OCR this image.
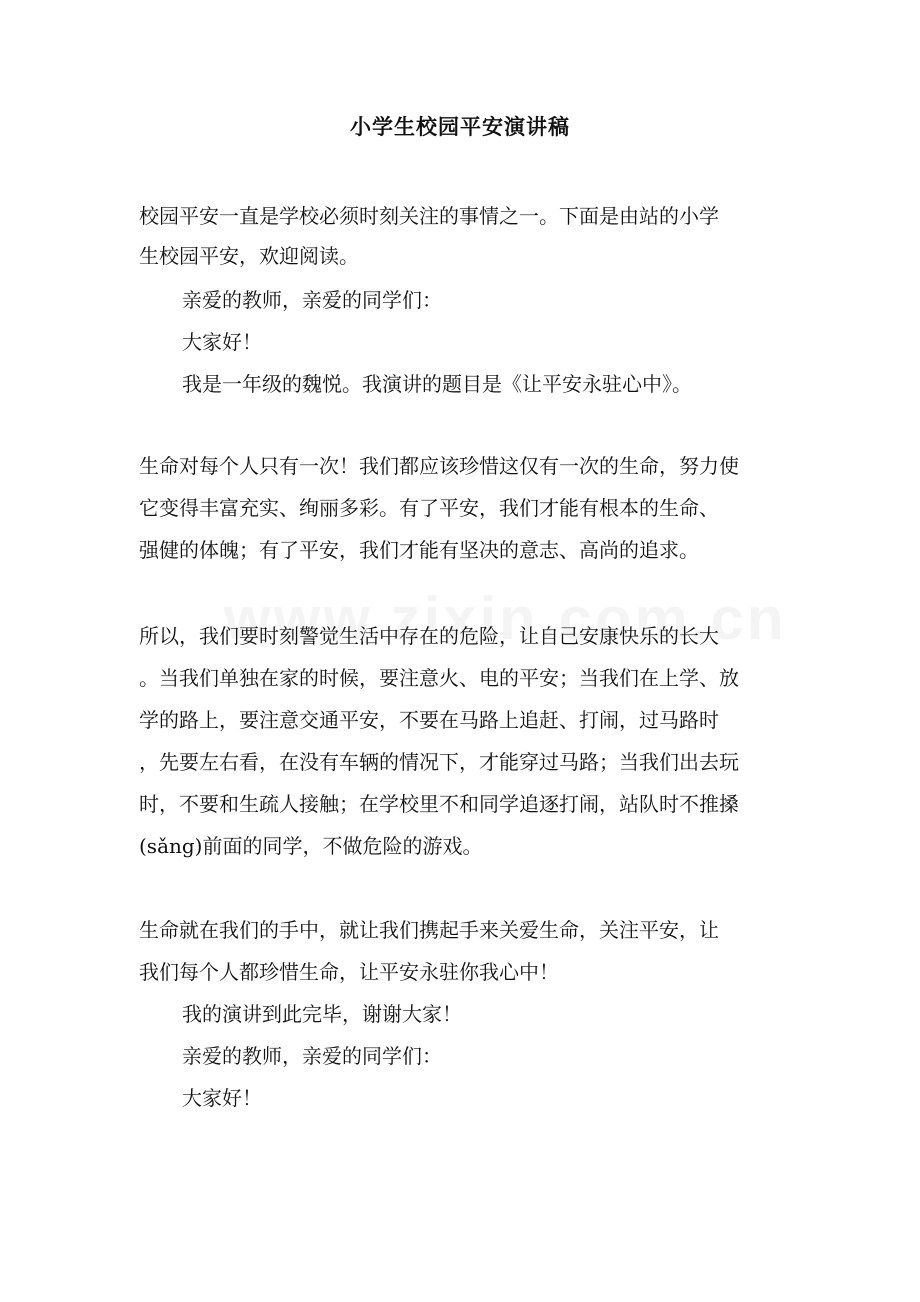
小学生校园平安演讲稿

校园平安一直是学校必须时刻关注的事情之一。下面是由站的小学

生校园平安，欢迎阅读。

亲爱的教师，亲爱的同学们：

大家好！

我是一年级的魏悦。我演讲的题目是《让平安永驻心中》。

生命对每个人只有一次！我们都应该珍惜这仅有一次的生命，努力使

它变得丰富充实、绚丽多彩。有了平安，我们才能有根本的生命、

强健的体魄；有了平安，我们才能有坚决的意志、高尚的追求。

所以，我们要时刻警觉生活中存在的危险，让自己安康快乐的长大

。当我们单独在家的时候，要注意火、电的平安；当我们在上学、放

学的路上，要注意交通平安，不要在马路上追赶、打闹，过马路时

，先要左右看，在没有车辆的情况下，才能穿过马路；当我们出去玩

时，不要和生疏人接触；在学校里不和同学追逐打闹，站队时不推搡

(sǎng)前面的同学，不做危险的游戏。

生命就在我们的手中，就让我们携起手来关爱生命，关注平安，让

我们每个人都珍惜生命，让平安永驻你我心中！

我的演讲到此完毕，谢谢大家！

亲爱的教师，亲爱的同学们：

大家好！
